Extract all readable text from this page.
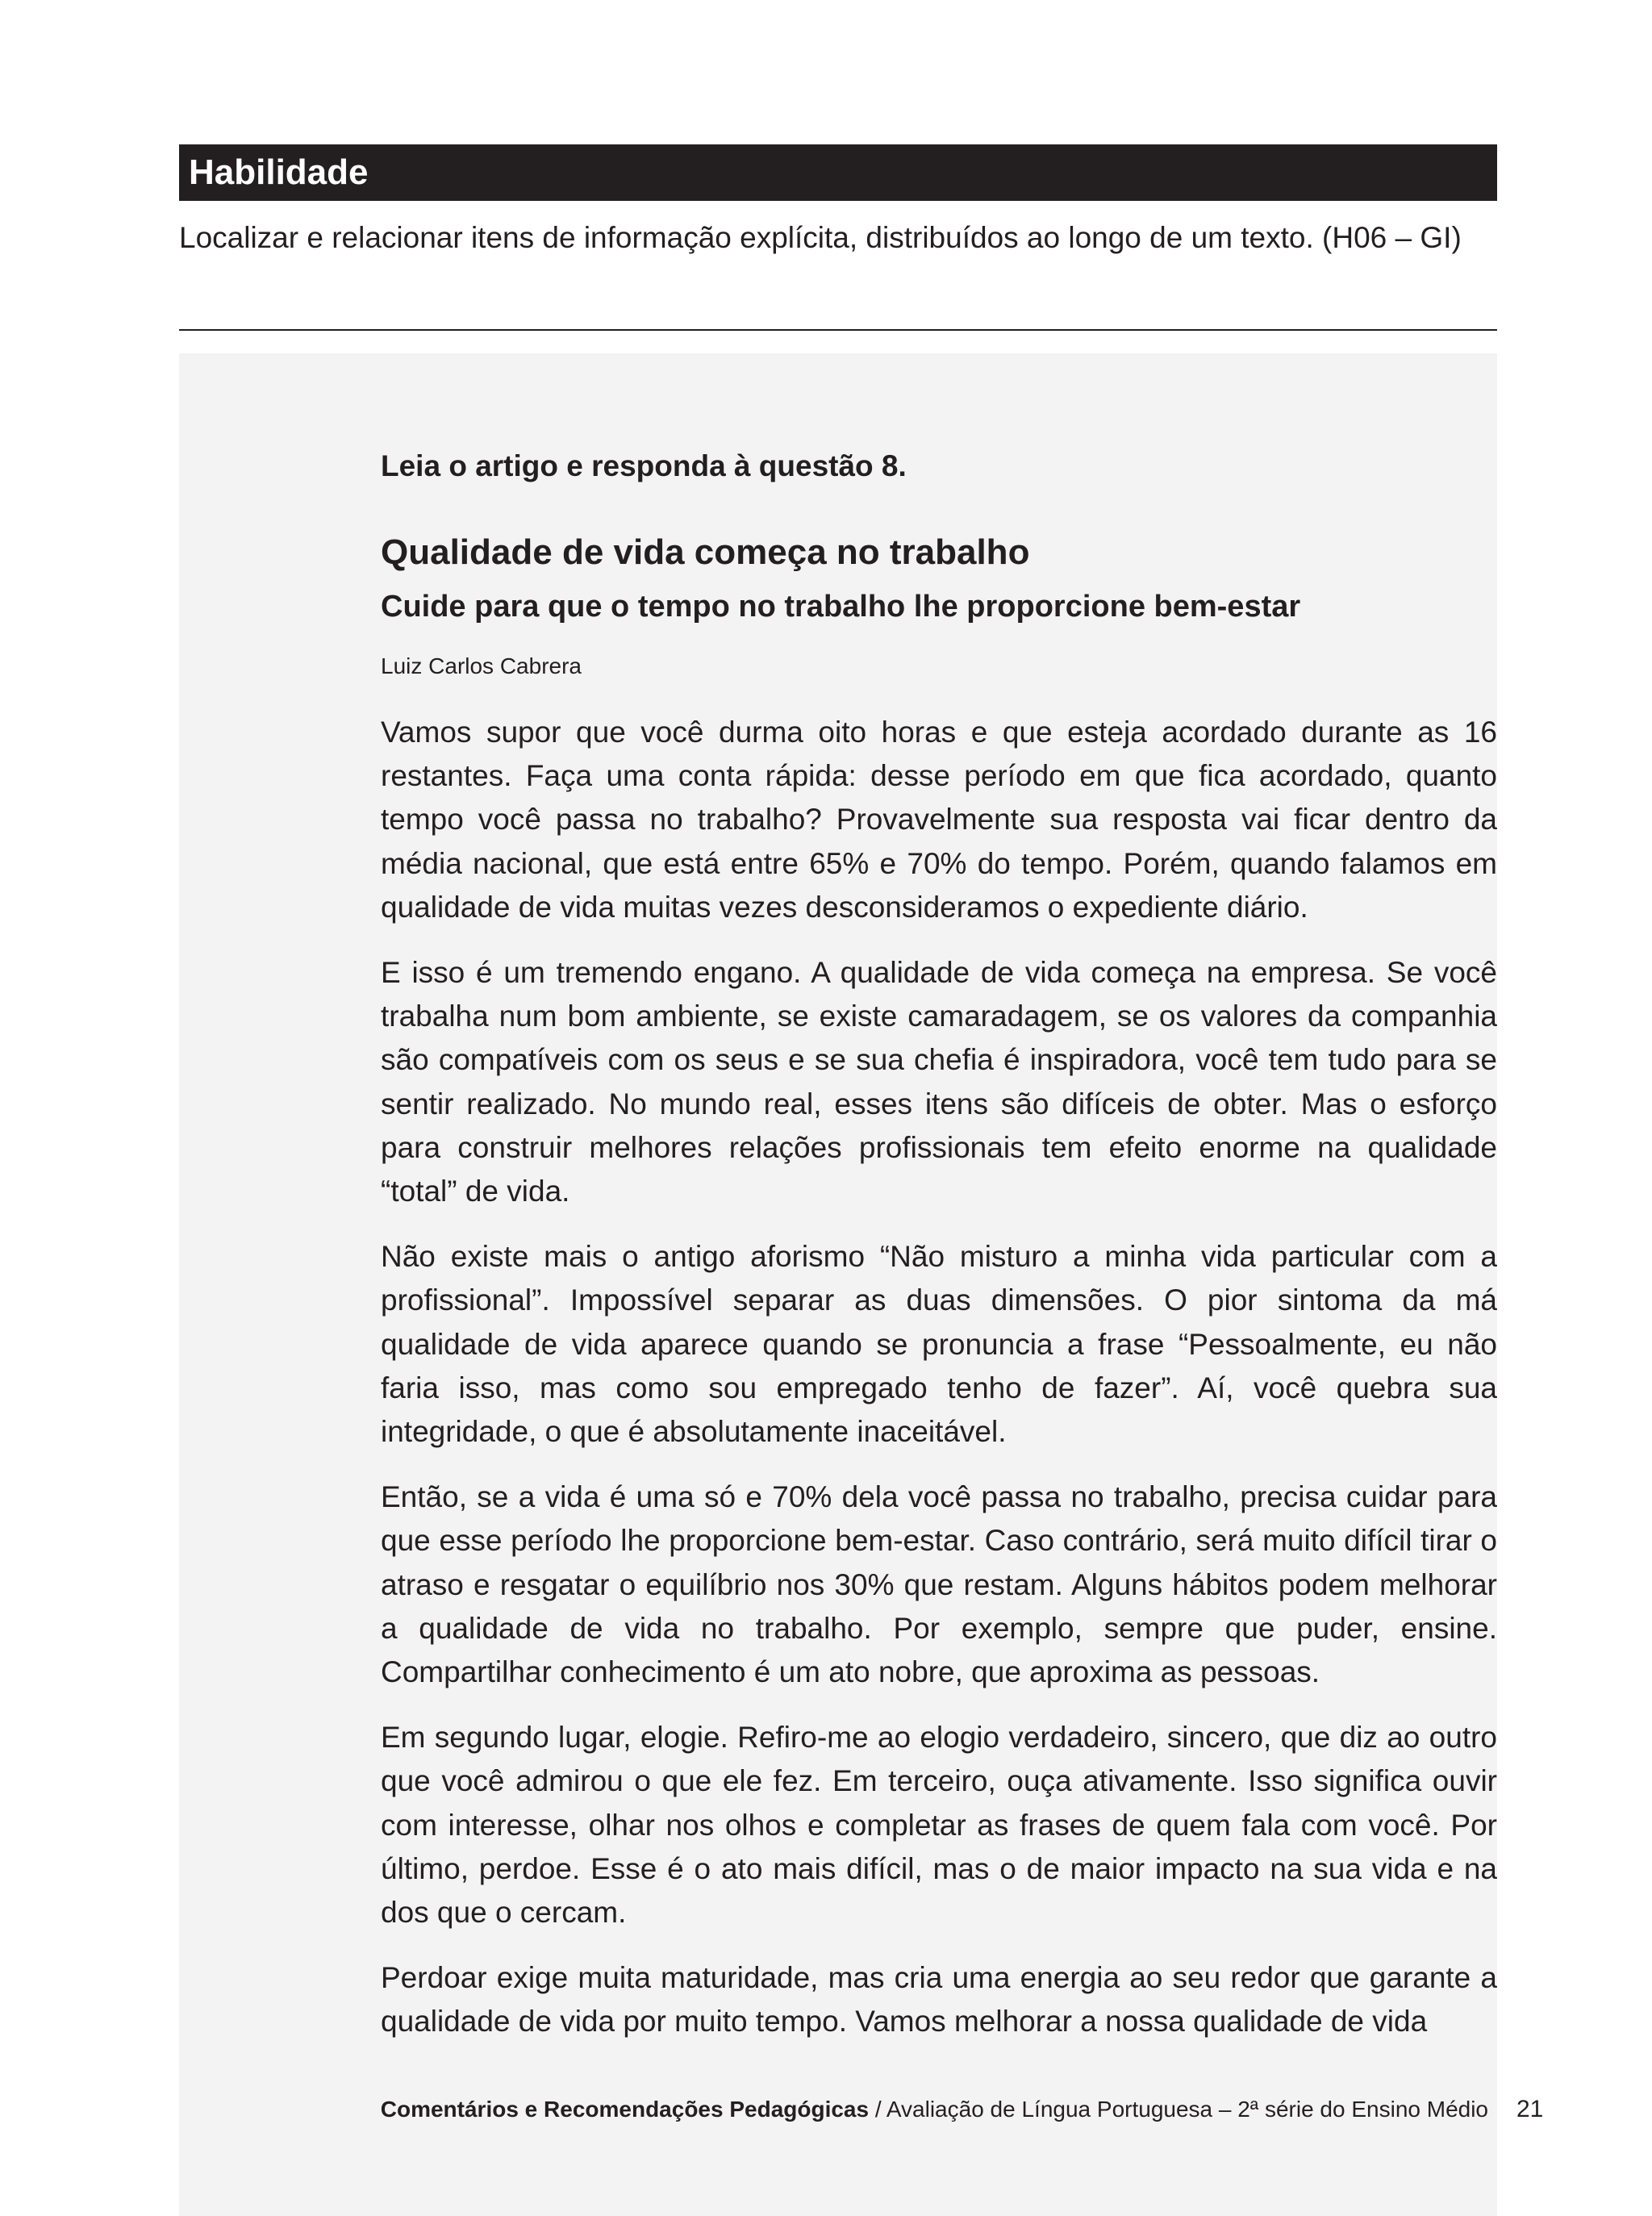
Habilidade

Localizar e relacionar itens de informação explícita, distribuídos ao longo de um texto. (H06 – GI)

Leia o artigo e responda à questão 8.

Qualidade de vida começa no trabalho
Cuide para que o tempo no trabalho lhe proporcione bem-estar

Luiz Carlos Cabrera

Vamos supor que você durma oito horas e que esteja acordado durante as 16 restantes. Faça uma conta rápida: desse período em que fica acordado, quanto tempo você passa no trabalho? Provavelmente sua resposta vai ficar dentro da média nacional, que está entre 65% e 70% do tempo. Porém, quando falamos em qualidade de vida muitas vezes desconsideramos o expediente diário.

E isso é um tremendo engano. A qualidade de vida começa na empresa. Se você trabalha num bom ambiente, se existe camaradagem, se os valores da companhia são compatíveis com os seus e se sua chefia é inspiradora, você tem tudo para se sentir realizado. No mundo real, esses itens são difíceis de obter. Mas o esforço para construir melhores relações profissionais tem efeito enorme na qualidade “total” de vida.

Não existe mais o antigo aforismo “Não misturo a minha vida particular com a profissional”. Impossível separar as duas dimensões. O pior sintoma da má qualidade de vida aparece quando se pronuncia a frase “Pessoalmente, eu não faria isso, mas como sou empregado tenho de fazer”. Aí, você quebra sua integridade, o que é absolutamente inaceitável.

Então, se a vida é uma só e 70% dela você passa no trabalho, precisa cuidar para que esse período lhe proporcione bem-estar. Caso contrário, será muito difícil tirar o atraso e resgatar o equilíbrio nos 30% que restam. Alguns hábitos podem melhorar a qualidade de vida no trabalho. Por exemplo, sempre que puder, ensine. Compartilhar conhecimento é um ato nobre, que aproxima as pessoas.

Em segundo lugar, elogie. Refiro-me ao elogio verdadeiro, sincero, que diz ao outro que você admirou o que ele fez. Em terceiro, ouça ativamente. Isso significa ouvir com interesse, olhar nos olhos e completar as frases de quem fala com você. Por último, perdoe. Esse é o ato mais difícil, mas o de maior impacto na sua vida e na dos que o cercam.

Perdoar exige muita maturidade, mas cria uma energia ao seu redor que garante a qualidade de vida por muito tempo. Vamos melhorar a nossa qualidade de vida

Comentários e Recomendações Pedagógicas / Avaliação de Língua Portuguesa – 2ª série do Ensino Médio 21
